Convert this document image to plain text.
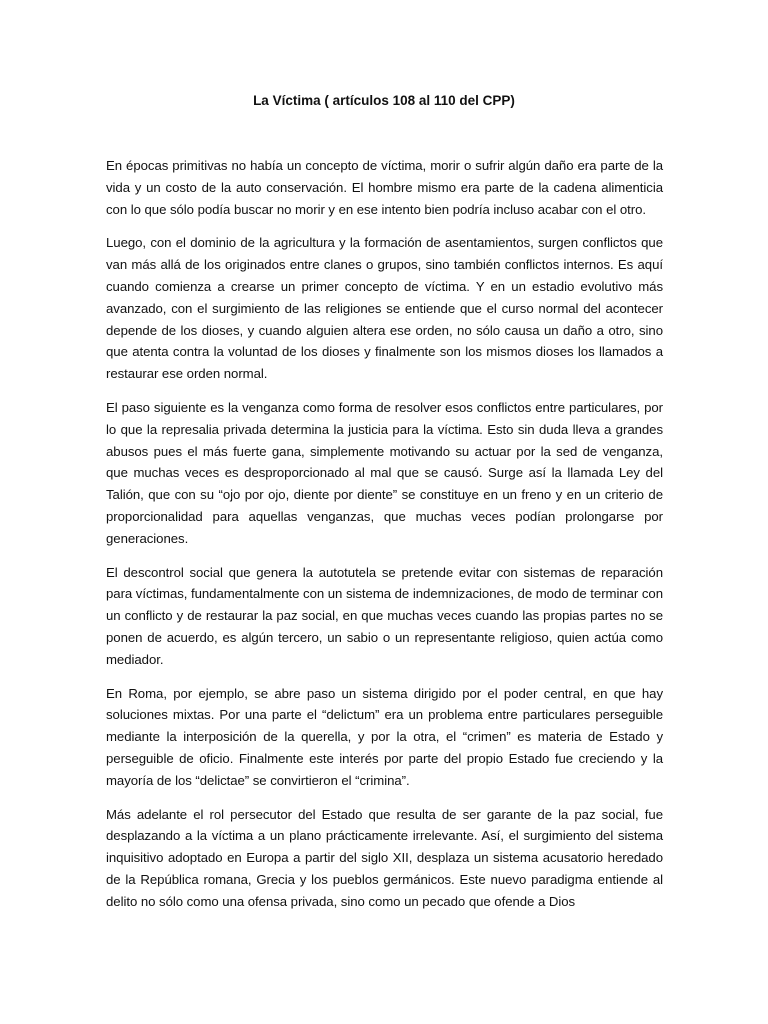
La Víctima ( artículos 108 al 110 del CPP)

En épocas primitivas no había un concepto de víctima, morir o sufrir algún daño era parte de la vida y un costo de la auto conservación. El hombre mismo era parte de la cadena alimenticia con lo que sólo podía buscar no morir y en ese intento bien podría incluso acabar con el otro.

Luego, con el dominio de la agricultura y la formación de asentamientos, surgen conflictos que van más allá de los originados entre clanes o grupos, sino también conflictos internos. Es aquí cuando comienza a crearse un primer concepto de víctima. Y en un estadio evolutivo más avanzado, con el surgimiento de las religiones se entiende que el curso normal del acontecer depende de los dioses, y cuando alguien altera ese orden, no sólo causa un daño a otro, sino que atenta contra la voluntad de los dioses y finalmente son los mismos dioses los llamados a restaurar ese orden normal.

El paso siguiente es la venganza como forma de resolver esos conflictos entre particulares, por lo que la represalia privada determina la justicia para la víctima. Esto sin duda lleva a grandes abusos pues el más fuerte gana, simplemente motivando su actuar por la sed de venganza, que muchas veces es desproporcionado al mal que se causó. Surge así la llamada Ley del Talión, que con su “ojo por ojo, diente por diente” se constituye en un freno y en un criterio de proporcionalidad para aquellas venganzas, que muchas veces podían prolongarse por generaciones.

El descontrol social que genera la autotutela se pretende evitar con sistemas de reparación para víctimas, fundamentalmente con un sistema de indemnizaciones, de modo de terminar con un conflicto y de restaurar la paz social, en que muchas veces cuando las propias partes no se ponen de acuerdo, es algún tercero, un sabio o un representante religioso, quien actúa como mediador.

En Roma, por ejemplo, se abre paso un sistema dirigido por el poder central, en que hay soluciones mixtas. Por una parte el “delictum” era un problema entre particulares perseguible mediante la interposición de la querella, y por la otra, el “crimen” es materia de Estado y perseguible de oficio. Finalmente este interés por parte del propio Estado fue creciendo y la mayoría de los “delictae” se convirtieron el “crimina”.

Más adelante el rol persecutor del Estado que resulta de ser garante de la paz social, fue desplazando a la víctima a un plano prácticamente irrelevante. Así, el surgimiento del sistema inquisitivo adoptado en Europa a partir del siglo XII, desplaza un sistema acusatorio heredado de la República romana, Grecia y los pueblos germánicos. Este nuevo paradigma entiende al delito no sólo como una ofensa privada, sino como un pecado que ofende a Dios
